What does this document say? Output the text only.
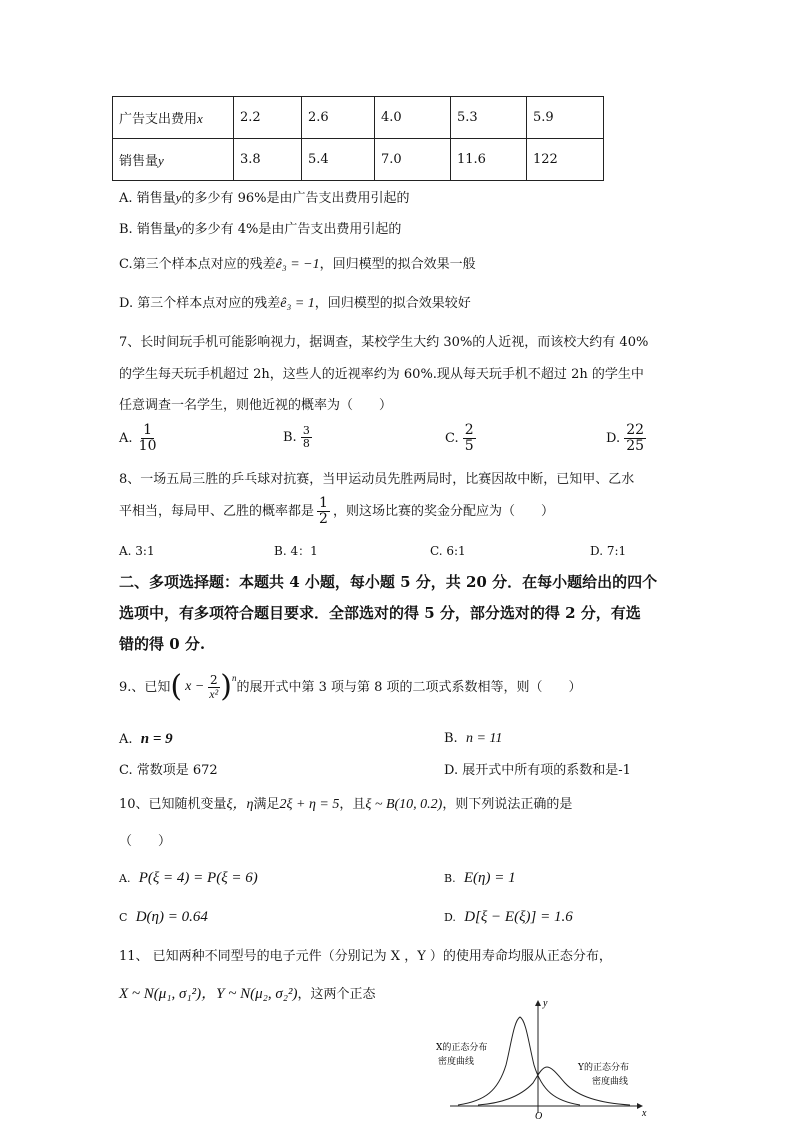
广告支出费用x	2.2	2.6	4.0	5.3	5.9
销售量y	3.8	5.4	7.0	11.6	122
A. 销售量y的多少有 96%是由广告支出费用引起的
B. 销售量y的多少有 4%是由广告支出费用引起的
C.第三个样本点对应的残差ê₃ = −1，回归模型的拟合效果一般
D. 第三个样本点对应的残差ê₃ = 1，回归模型的拟合效果较好
7、长时间玩手机可能影响视力，据调查，某校学生大约 30%的人近视，而该校大约有 40%
的学生每天玩手机超过 2h，这些人的近视率约为 60%.现从每天玩手机不超过 2h 的学生中
任意调查一名学生，则他近视的概率为（　　）
A.
$\frac{1}{10}$	B.
$\frac{3}{8}$	C.
$\frac{2}{5}$	D.
$\frac{22}{25}$
8、一场五局三胜的乒乓球对抗赛，当甲运动员先胜两局时，比赛因故中断，已知甲、乙水
平相当，每局甲、乙胜的概率都是 $\frac{1}{2}$ ，则这场比赛的奖金分配应为（　　）
A. 3:1	B. 4：1	C. 6:1	D. 7:1
二、多项选择题：本题共 4 小题，每小题 5 分，共 20 分．在每小题给出的四个
选项中，有多项符合题目要求．全部选对的得 5 分，部分选对的得 2 分，有选
错的得 0 分.
9.、已知 ( $x - \frac{2}{\text{x²}}$ ) n
的展开式中第 3 项与第 8 项的二项式系数相等，则（　　）
A. n = 9	B. n = 11
C. 常数项是 672	D. 展开式中所有项的系数和是-1
10、已知随机变量ξ，η满足2ξ + η = 5，且ξ ~ B(10, 0.2)，则下列说法正确的是
（　　）
A. P(ξ = 4) = P(ξ = 6)	B. E(η) = 1
C D(η) = 0.64	D. D[ξ − E(ξ)] = 1.6
11、 已知两种不同型号的电子元件（分别记为 X ，Y ）的使用寿命均服从正态分布，
X ~ N(μ₁, σ₁²)，Y ~ N(μ₂, σ₂²)，这两个正态
y
x
O
X的正态分布
密度曲线
Y的正态分布
密度曲线
